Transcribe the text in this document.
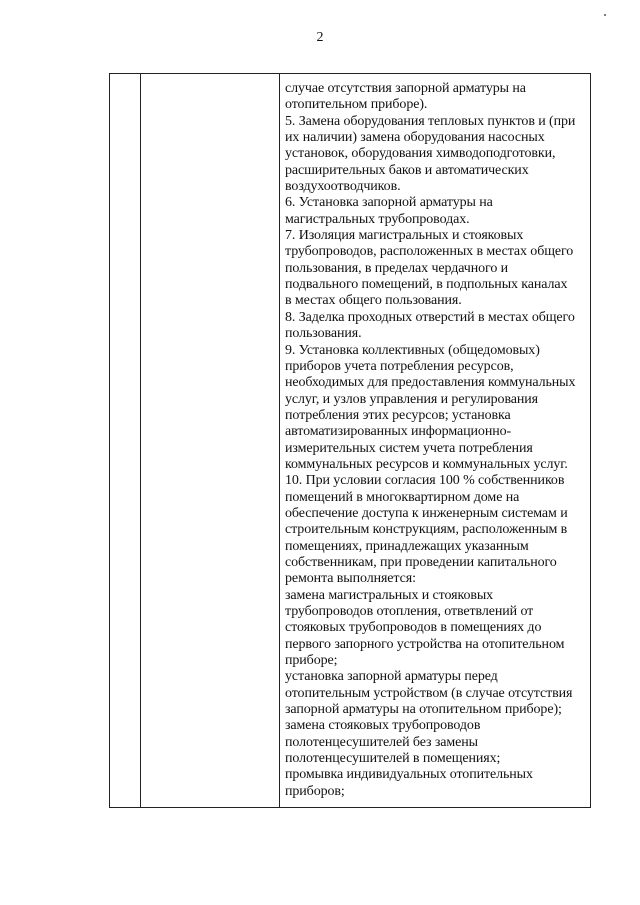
2
случае отсутствия запорной арматуры на
отопительном приборе).
5. Замена оборудования тепловых пунктов и (при
их наличии) замена оборудования насосных
установок, оборудования химводоподготовки,
расширительных баков и автоматических
воздухоотводчиков.
6. Установка запорной арматуры на
магистральных трубопроводах.
7. Изоляция магистральных и стояковых
трубопроводов, расположенных в местах общего
пользования, в пределах чердачного и
подвального помещений, в подпольных каналах
в местах общего пользования.
8. Заделка проходных отверстий в местах общего
пользования.
9. Установка коллективных (общедомовых)
приборов учета потребления ресурсов,
необходимых для предоставления коммунальных
услуг, и узлов управления и регулирования
потребления этих ресурсов; установка
автоматизированных информационно-
измерительных систем учета потребления
коммунальных ресурсов и коммунальных услуг.
10. При условии согласия 100 % собственников
помещений в многоквартирном доме на
обеспечение доступа к инженерным системам и
строительным конструкциям, расположенным в
помещениях, принадлежащих указанным
собственникам, при проведении капитального
ремонта выполняется:
замена магистральных и стояковых
трубопроводов отопления, ответвлений от
стояковых трубопроводов в помещениях до
первого запорного устройства на отопительном
приборе;
установка запорной арматуры перед
отопительным устройством (в случае отсутствия
запорной арматуры на отопительном приборе);
замена стояковых трубопроводов
полотенцесушителей без замены
полотенцесушителей в помещениях;
промывка индивидуальных отопительных
приборов;
